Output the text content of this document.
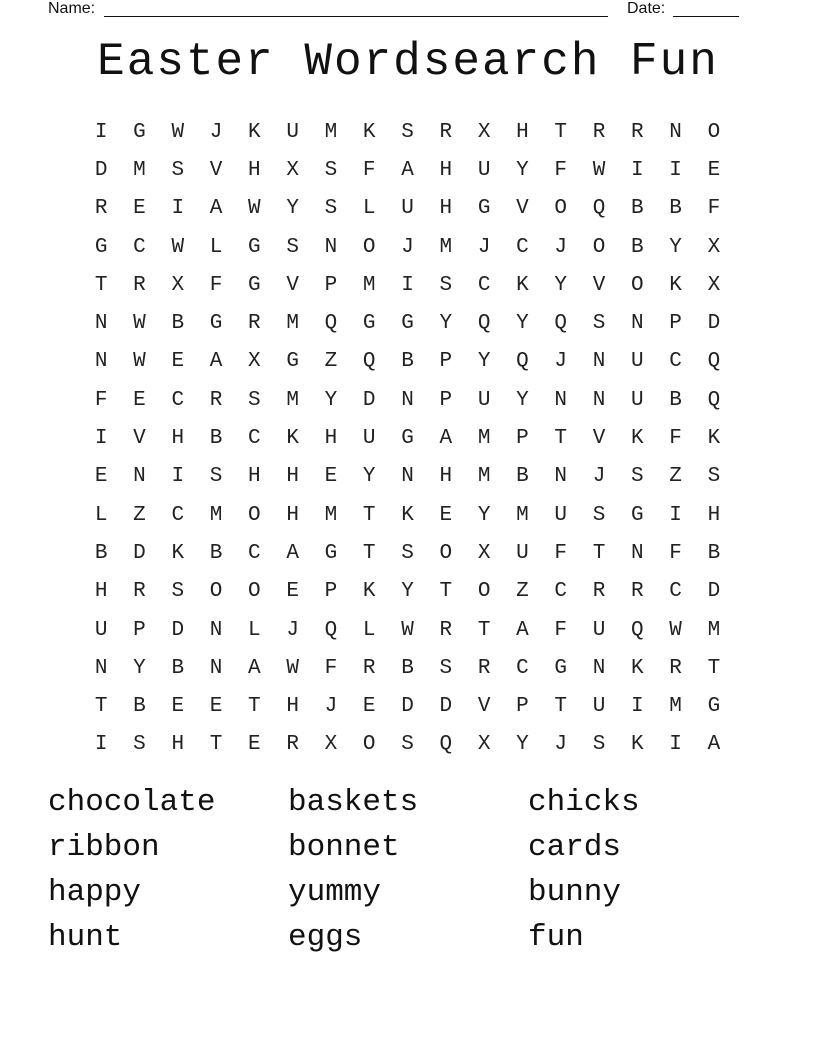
Name:	Date:
Easter Wordsearch Fun
I	G	W	J	K	U	M	K	S	R	X	H	T	R	R	N	O
D	M	S	V	H	X	S	F	A	H	U	Y	F	W	I	I	E
R	E	I	A	W	Y	S	L	U	H	G	V	O	Q	B	B	F
G	C	W	L	G	S	N	O	J	M	J	C	J	O	B	Y	X
T	R	X	F	G	V	P	M	I	S	C	K	Y	V	O	K	X
N	W	B	G	R	M	Q	G	G	Y	Q	Y	Q	S	N	P	D
N	W	E	A	X	G	Z	Q	B	P	Y	Q	J	N	U	C	Q
F	E	C	R	S	M	Y	D	N	P	U	Y	N	N	U	B	Q
I	V	H	B	C	K	H	U	G	A	M	P	T	V	K	F	K
E	N	I	S	H	H	E	Y	N	H	M	B	N	J	S	Z	S
L	Z	C	M	O	H	M	T	K	E	Y	M	U	S	G	I	H
B	D	K	B	C	A	G	T	S	O	X	U	F	T	N	F	B
H	R	S	O	O	E	P	K	Y	T	O	Z	C	R	R	C	D
U	P	D	N	L	J	Q	L	W	R	T	A	F	U	Q	W	M
N	Y	B	N	A	W	F	R	B	S	R	C	G	N	K	R	T
T	B	E	E	T	H	J	E	D	D	V	P	T	U	I	M	G
I	S	H	T	E	R	X	O	S	Q	X	Y	J	S	K	I	A
chocolate	baskets	chicks
ribbon	bonnet	cards
happy	yummy	bunny
hunt	eggs	fun
